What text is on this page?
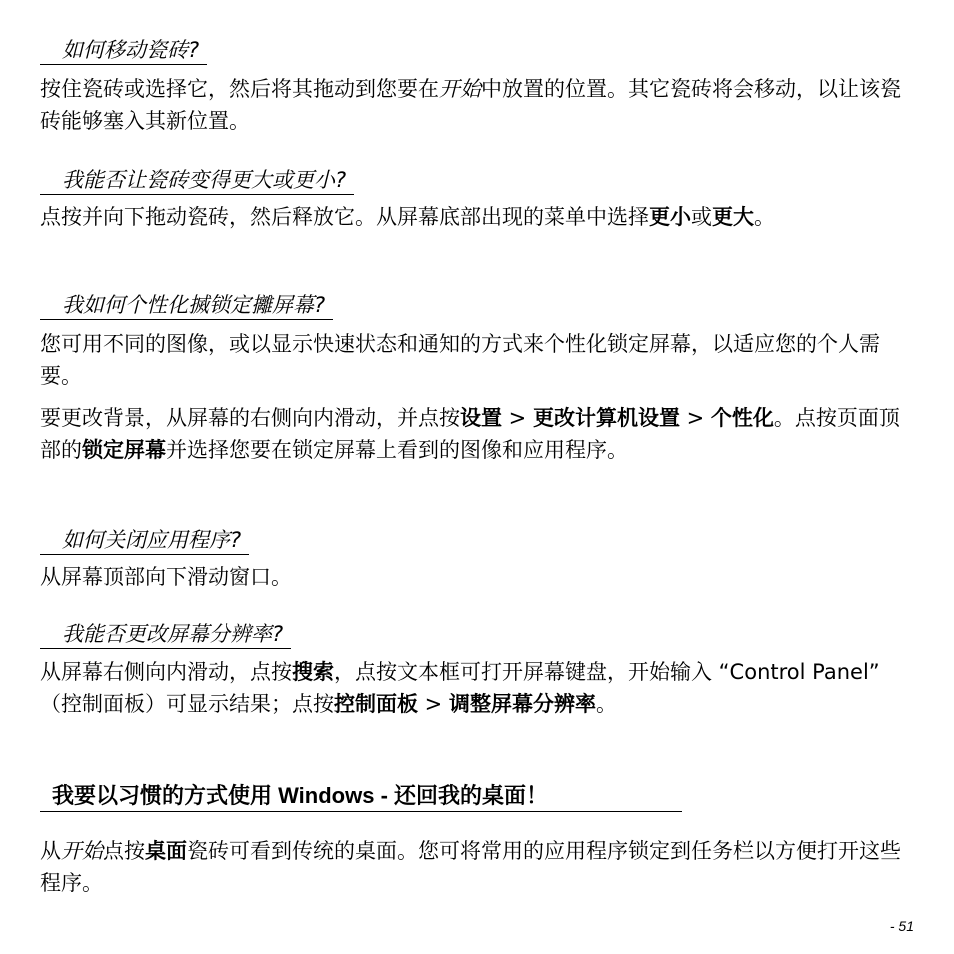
如何移动瓷砖?
按住瓷砖或选择它，然后将其拖动到您要在开始中放置的位置。其它瓷砖将会移动，以让该瓷砖能够塞入其新位置。
我能否让瓷砖变得更大或更小?
点按并向下拖动瓷砖，然后释放它。从屏幕底部出现的菜单中选择更小或更大。
我如何个性化搣锁定攡屏幕?
您可用不同的图像，或以显示快速状态和通知的方式来个性化锁定屏幕，以适应您的个人需要。
要更改背景，从屏幕的右侧向内滑动，并点按设置 > 更改计算机设置 > 个性化。点按页面顶部的锁定屏幕并选择您要在锁定屏幕上看到的图像和应用程序。
如何关闭应用程序?
从屏幕顶部向下滑动窗口。
我能否更改屏幕分辨率?
从屏幕右侧向内滑动，点按搜索，点按文本框可打开屏幕键盘，开始输入 “Control Panel” （控制面板）可显示结果；点按控制面板 > 调整屏幕分辨率。
我要以习惯的方式使用 Windows - 还回我的桌面！
从开始点按桌面瓷砖可看到传统的桌面。您可将常用的应用程序锁定到任务栏以方便打开这些程序。
- 51
